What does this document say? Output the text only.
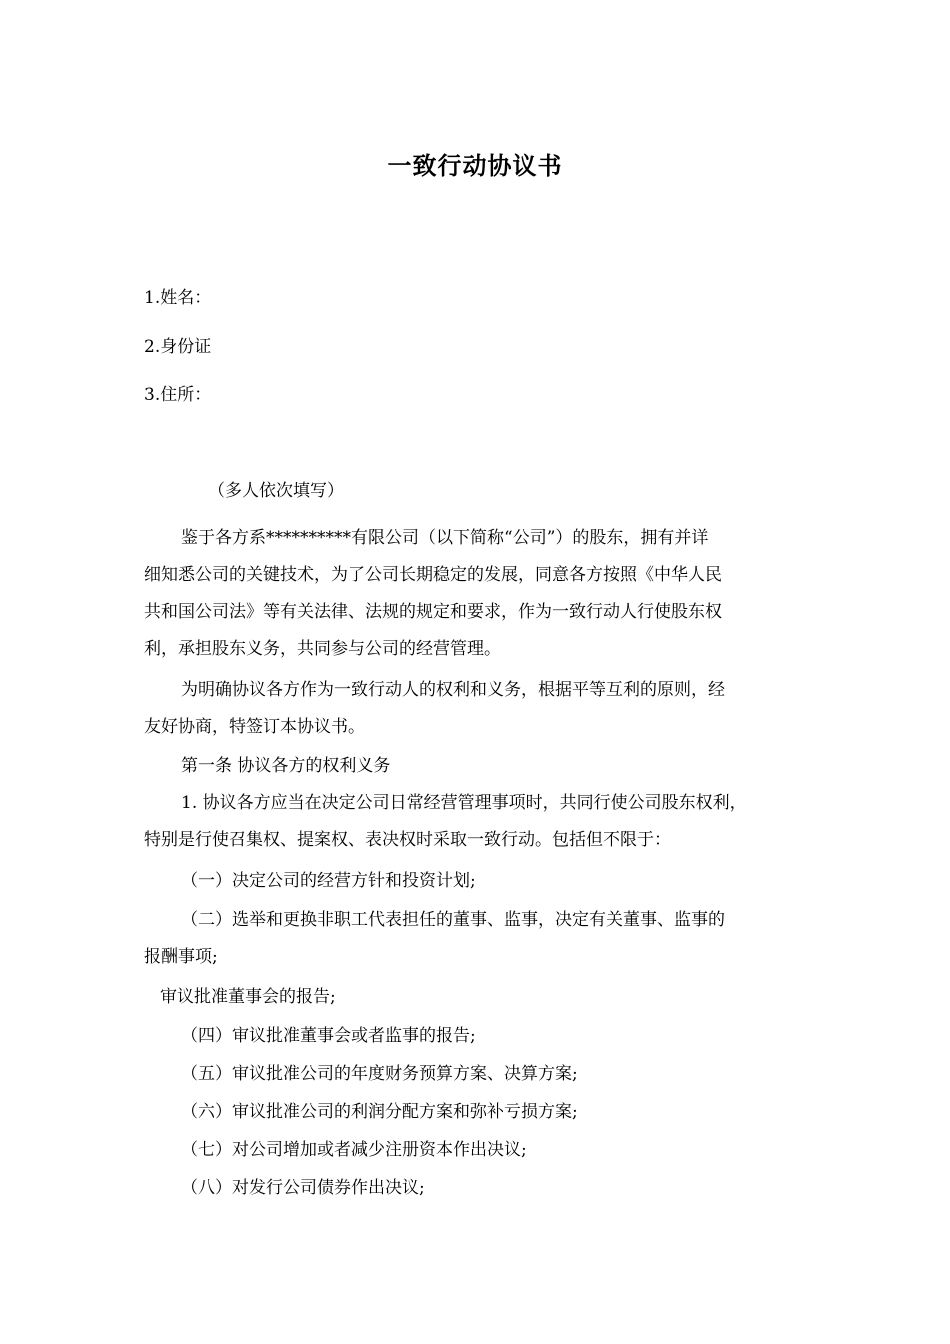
一致行动协议书
1.姓名：
2.身份证
3.住所：
（多人依次填写）
鉴于各方系**********有限公司（以下简称“公司”）的股东，拥有并详
细知悉公司的关键技术，为了公司长期稳定的发展，同意各方按照《中华人民
共和国公司法》等有关法律、法规的规定和要求，作为一致行动人行使股东权
利，承担股东义务，共同参与公司的经营管理。
为明确协议各方作为一致行动人的权利和义务，根据平等互利的原则，经
友好协商，特签订本协议书。
第一条 协议各方的权利义务
1. 协议各方应当在决定公司日常经营管理事项时，共同行使公司股东权利，
特别是行使召集权、提案权、表决权时采取一致行动。包括但不限于：
（一）决定公司的经营方针和投资计划;
（二）选举和更换非职工代表担任的董事、监事，决定有关董事、监事的
报酬事项;
审议批准董事会的报告;
（四）审议批准董事会或者监事的报告;
（五）审议批准公司的年度财务预算方案、决算方案;
（六）审议批准公司的利润分配方案和弥补亏损方案;
（七）对公司增加或者减少注册资本作出决议;
（八）对发行公司债券作出决议;
